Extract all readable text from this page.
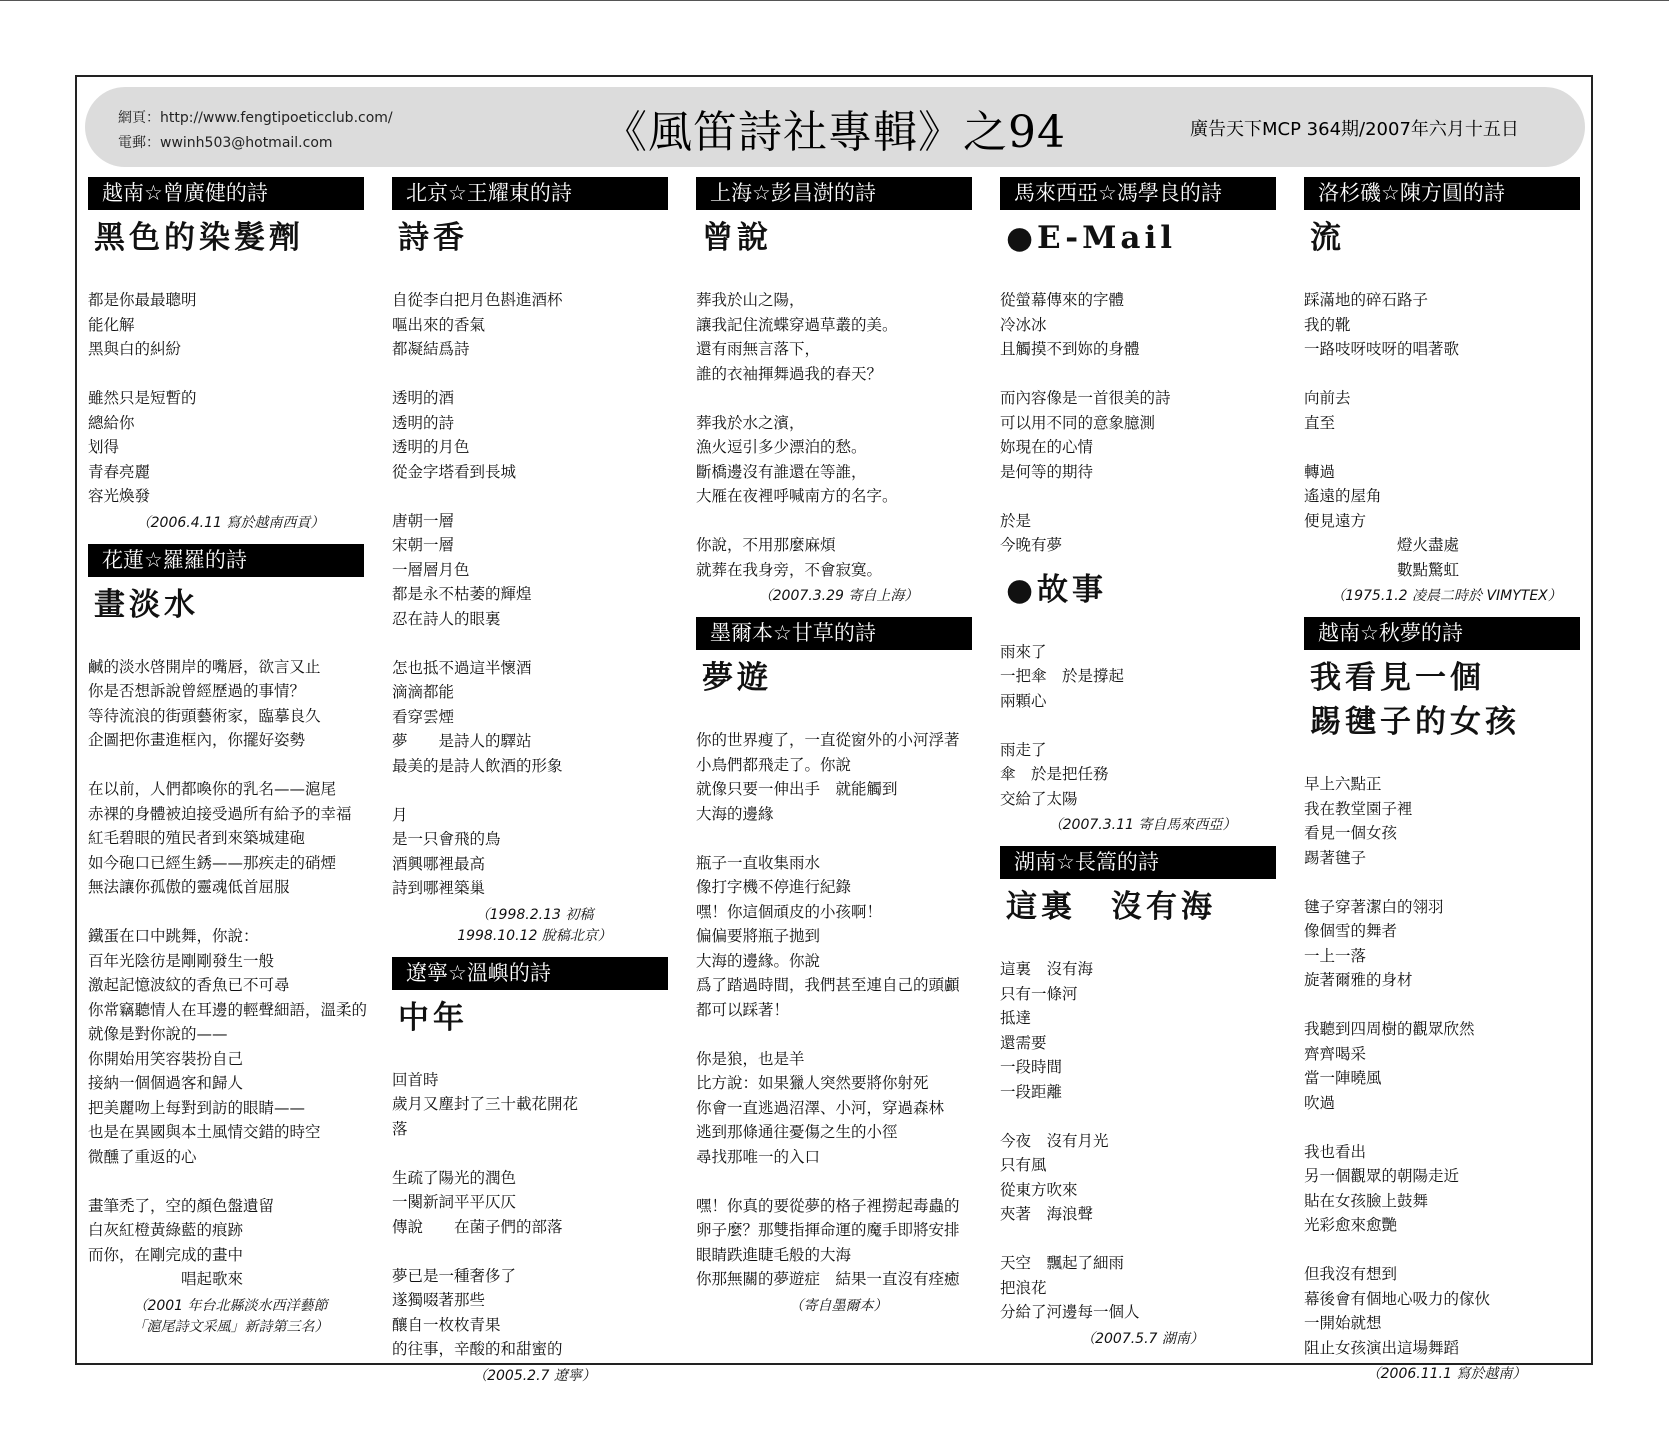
網頁：http://www.fengtipoeticclub.com/
電郵：wwinh503@hotmail.com	《風笛詩社專輯》之94	廣告天下MCP 364期/2007年六月十五日
越南☆曾廣健的詩
黑色的染髮劑

都是你最最聰明
能化解
黑與白的糾紛

雖然只是短暫的
總給你
划得
青春亮麗
容光煥發

（2006.4.11 寫於越南西貢）
花蓮☆羅羅的詩
畫淡水

鹹的淡水啓開岸的嘴唇，欲言又止
你是否想訴說曾經歷過的事情？
等待流浪的街頭藝術家，臨摹良久
企圖把你畫進框內，你擺好姿勢

在以前，人們都喚你的乳名——滬尾
赤裸的身體被迫接受過所有給予的幸福
紅毛碧眼的殖民者到來築城建砲
如今砲口已經生銹——那疾走的硝煙
無法讓你孤傲的靈魂低首屈服

鐵蛋在口中跳舞，你說：
百年光陰彷是剛剛發生一般
激起記憶波紋的香魚已不可尋
你常竊聽情人在耳邊的輕聲細語，溫柔的
就像是對你說的——
你開始用笑容裝扮自己
接納一個個過客和歸人
把美麗吻上每對到訪的眼睛——
也是在異國與本土風情交錯的時空
微醺了重返的心

畫筆禿了，空的顏色盤遺留
白灰紅橙黃綠藍的痕跡
而你，在剛完成的畫中
　　　　　　唱起歌來

（2001 年台北縣淡水西洋藝節
「滬尾詩文采風」新詩第三名）
北京☆王耀東的詩
詩香

自從李白把月色斟進酒杯
嘔出來的香氣
都凝結爲詩

透明的酒
透明的詩
透明的月色
從金字塔看到長城

唐朝一層
宋朝一層
一層層月色
都是永不枯萎的輝煌
忍在詩人的眼裏

怎也抵不過這半懷酒
滴滴都能
看穿雲煙
夢　　是詩人的驛站
最美的是詩人飲酒的形象

月
是一只會飛的鳥
酒興哪裡最高
詩到哪裡築巢

（1998.2.13 初稿
1998.10.12 脫稿北京）
遼寧☆溫嶼的詩
中年

回首時
歲月又塵封了三十載花開花
落

生疏了陽光的潤色
一闋新詞平平仄仄
傳說　　在菌子們的部落

夢已是一種奢侈了
遂獨啜著那些
釀自一枚枚青果
的往事，辛酸的和甜蜜的

（2005.2.7 遼寧）
上海☆彭昌澍的詩
曾說

葬我於山之陽，
讓我記住流蝶穿過草叢的美。
還有雨無言落下，
誰的衣袖揮舞過我的春天？

葬我於水之濱，
漁火逗引多少漂泊的愁。
斷橋邊沒有誰還在等誰，
大雁在夜裡呼喊南方的名字。

你說，不用那麼麻煩
就葬在我身旁，不會寂寞。

（2007.3.29 寄自上海）
墨爾本☆甘草的詩
夢遊

你的世界瘦了，一直從窗外的小河浮著
小鳥們都飛走了。你說
就像只要一伸出手　就能觸到
大海的邊緣

瓶子一直收集雨水
像打字機不停進行紀錄
嘿！你這個頑皮的小孩啊！
偏偏要將瓶子拋到
大海的邊緣。你說
爲了踏過時間，我們甚至連自己的頭顱
都可以踩著！

你是狼，也是羊
比方說：如果獵人突然要將你射死
你會一直逃過沼澤、小河，穿過森林
逃到那條通往憂傷之生的小徑
尋找那唯一的入口

嘿！你真的要從夢的格子裡撈起毒蟲的
卵子麼？那雙指揮命運的魔手即將安排
眼睛跌進睫毛般的大海
你那無關的夢遊症　結果一直沒有痊癒

（寄自墨爾本）
馬來西亞☆馮學良的詩
●E-Mail

從螢幕傳來的字體
冷冰冰
且觸摸不到妳的身體

而內容像是一首很美的詩
可以用不同的意象臆測
妳現在的心情
是何等的期待

於是
今晚有夢

●故事

雨來了
一把傘　於是撐起
兩顆心

雨走了
傘　於是把任務
交給了太陽

（2007.3.11 寄自馬來西亞）
湖南☆長篙的詩
這裏　沒有海

這裏　沒有海
只有一條河
抵達
還需要
一段時間
一段距離

今夜　沒有月光
只有風
從東方吹來
夾著　海浪聲

天空　飄起了細雨
把浪花
分給了河邊每一個人

（2007.5.7 湖南）
洛杉磯☆陳方圓的詩
流

踩滿地的碎石路子
我的靴
一路吱呀吱呀的唱著歌

向前去
直至

轉過
遙遠的屋角
便見遠方
　　　　　　燈火盡處
　　　　　　數點驚虹

（1975.1.2 凌晨二時於 VIMYTEX）
越南☆秋夢的詩
我看見一個
踢毽子的女孩

早上六點正
我在教堂園子裡
看見一個女孩
踢著毽子

毽子穿著潔白的翎羽
像個雪的舞者
一上一落
旋著爾雅的身材

我聽到四周樹的觀眾欣然
齊齊喝采
當一陣曉風
吹過

我也看出
另一個觀眾的朝陽走近
貼在女孩臉上鼓舞
光彩愈來愈艷

但我沒有想到
幕後會有個地心吸力的傢伙
一開始就想
阻止女孩演出這場舞蹈

（2006.11.1 寫於越南）
